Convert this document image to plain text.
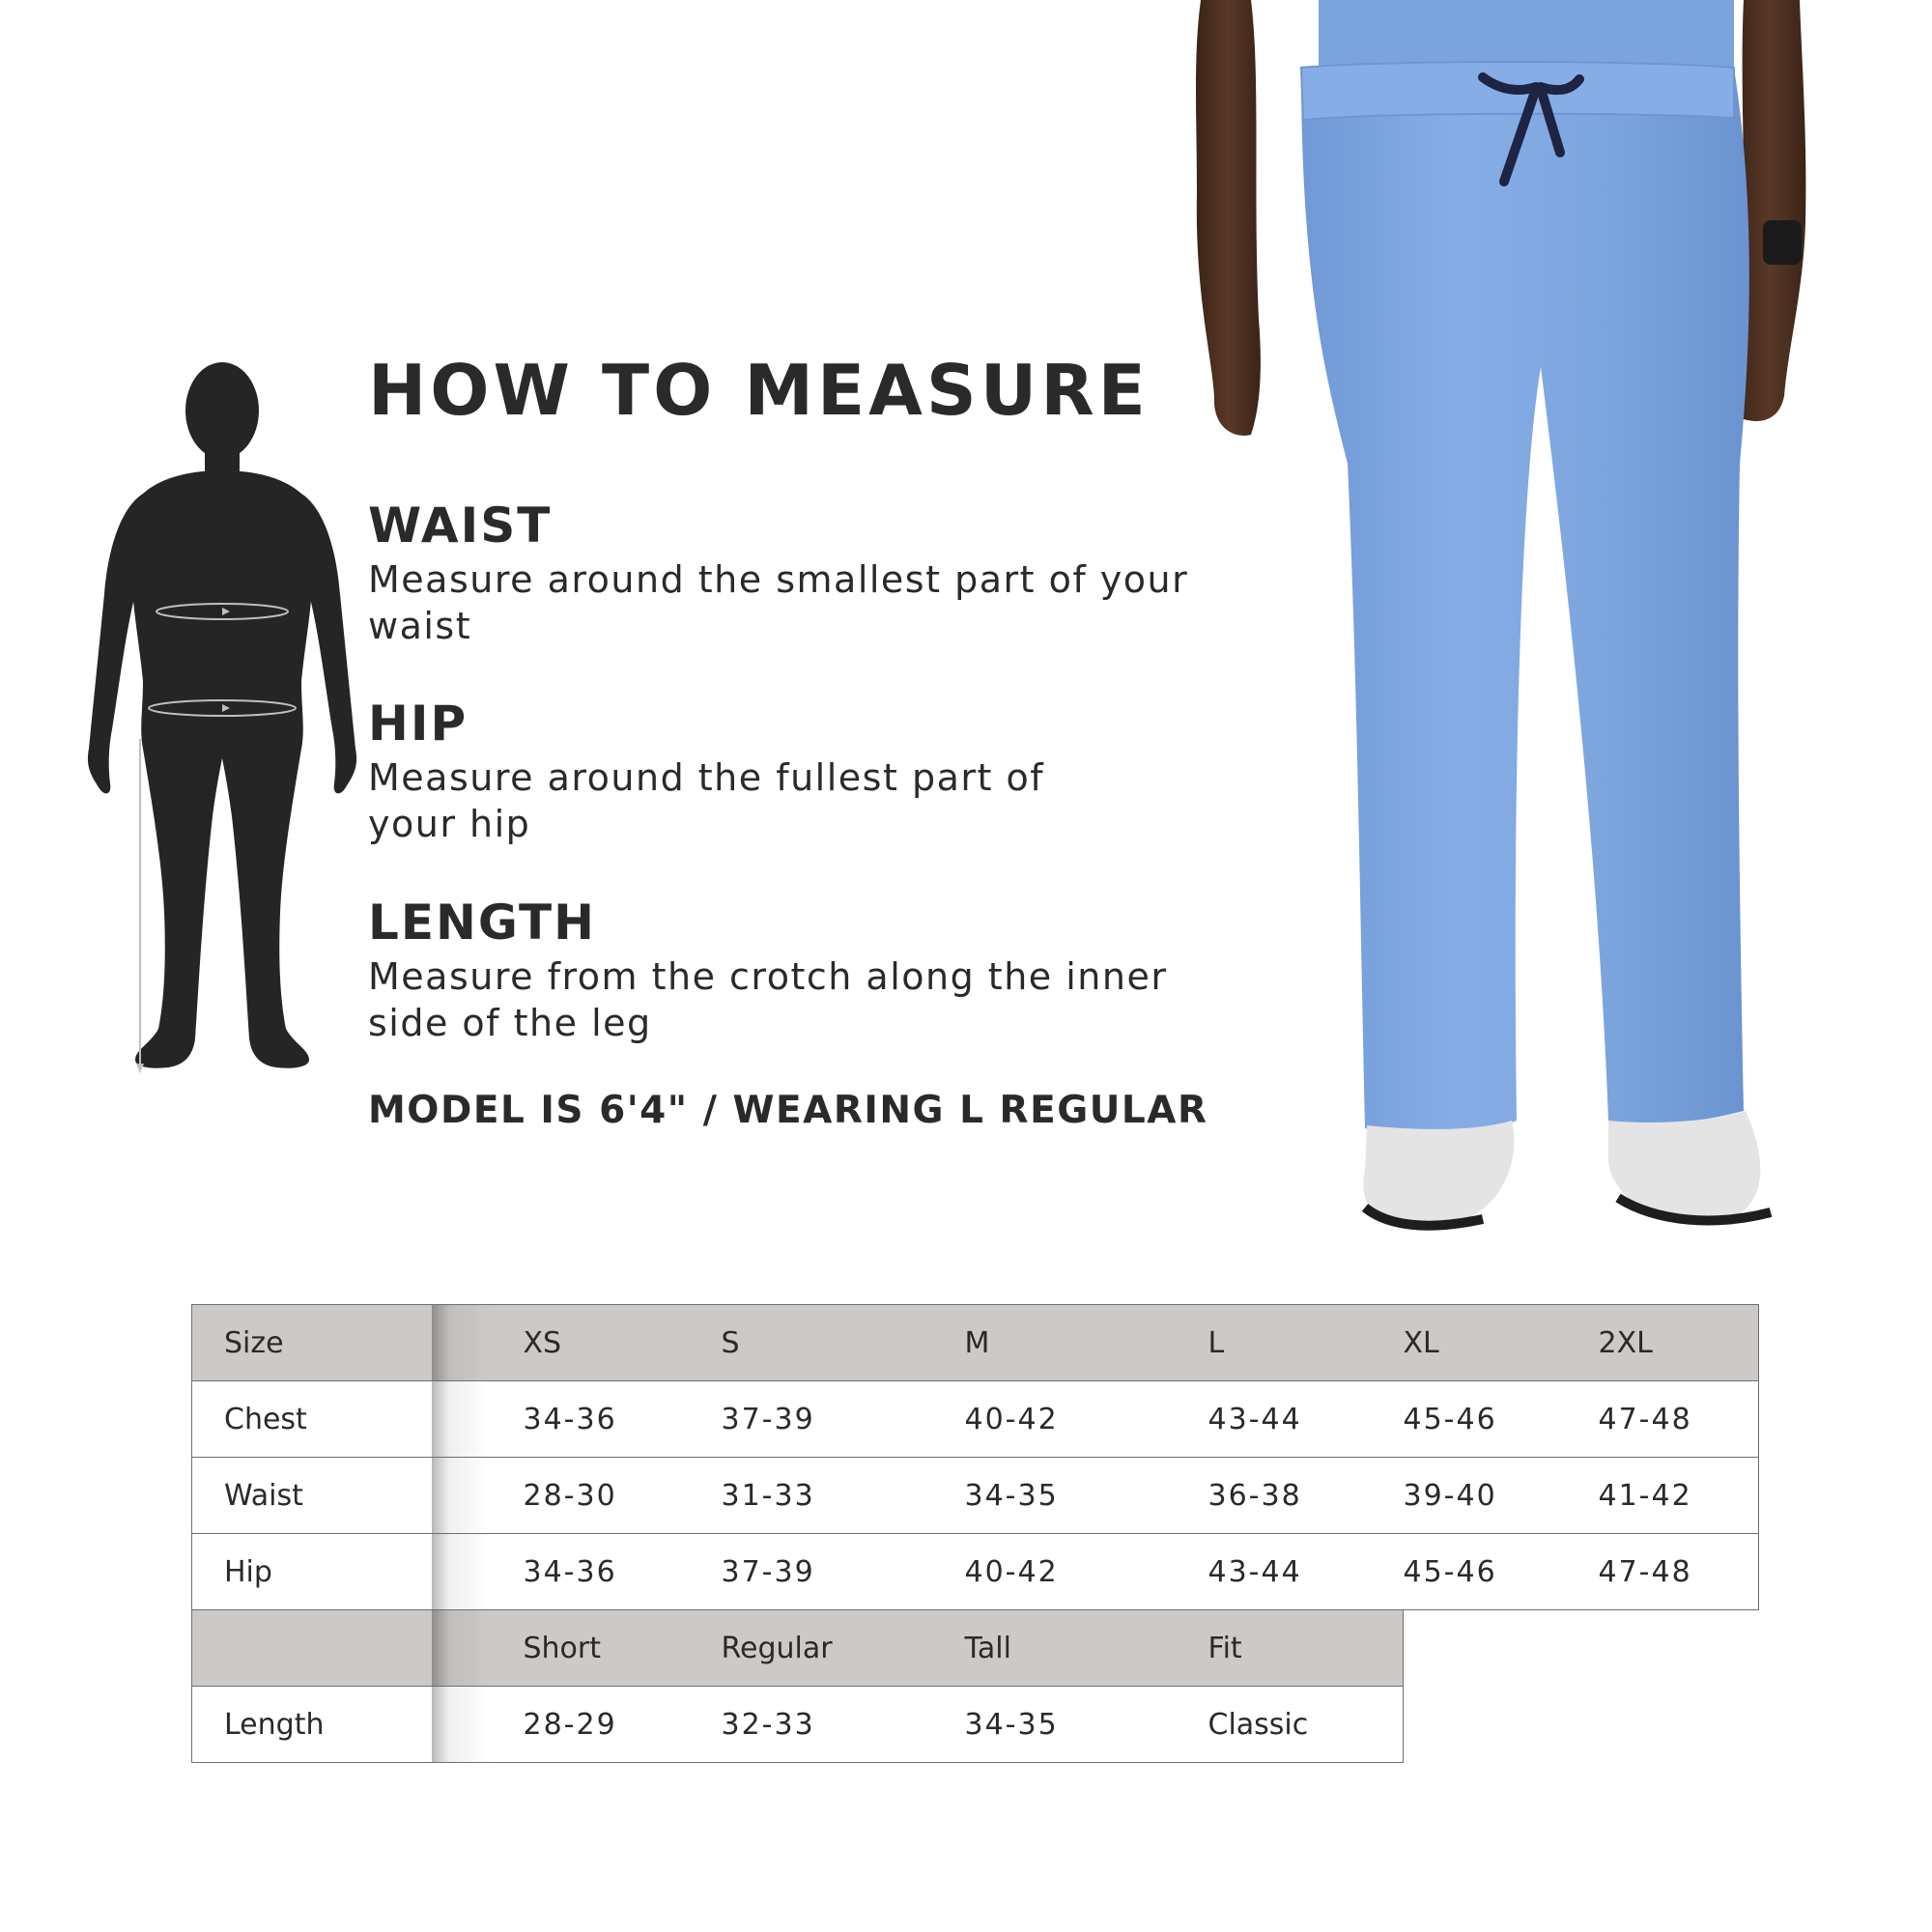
HOW TO MEASURE
WAIST

Measure around the smallest part of your waist

HIP

Measure around the fullest part of your hip

LENGTH

Measure from the crotch along the inner side of the leg

MODEL IS 6'4" / WEARING L REGULAR

Size	XS	S	M	L	XL	2XL
Chest	34-36	37-39	40-42	43-44	45-46	47-48
Waist	28-30	31-33	34-35	36-38	39-40	41-42
Hip	34-36	37-39	40-42	43-44	45-46	47-48
	Short	Regular	Tall	Fit		
Length	28-29	32-33	34-35	Classic		
